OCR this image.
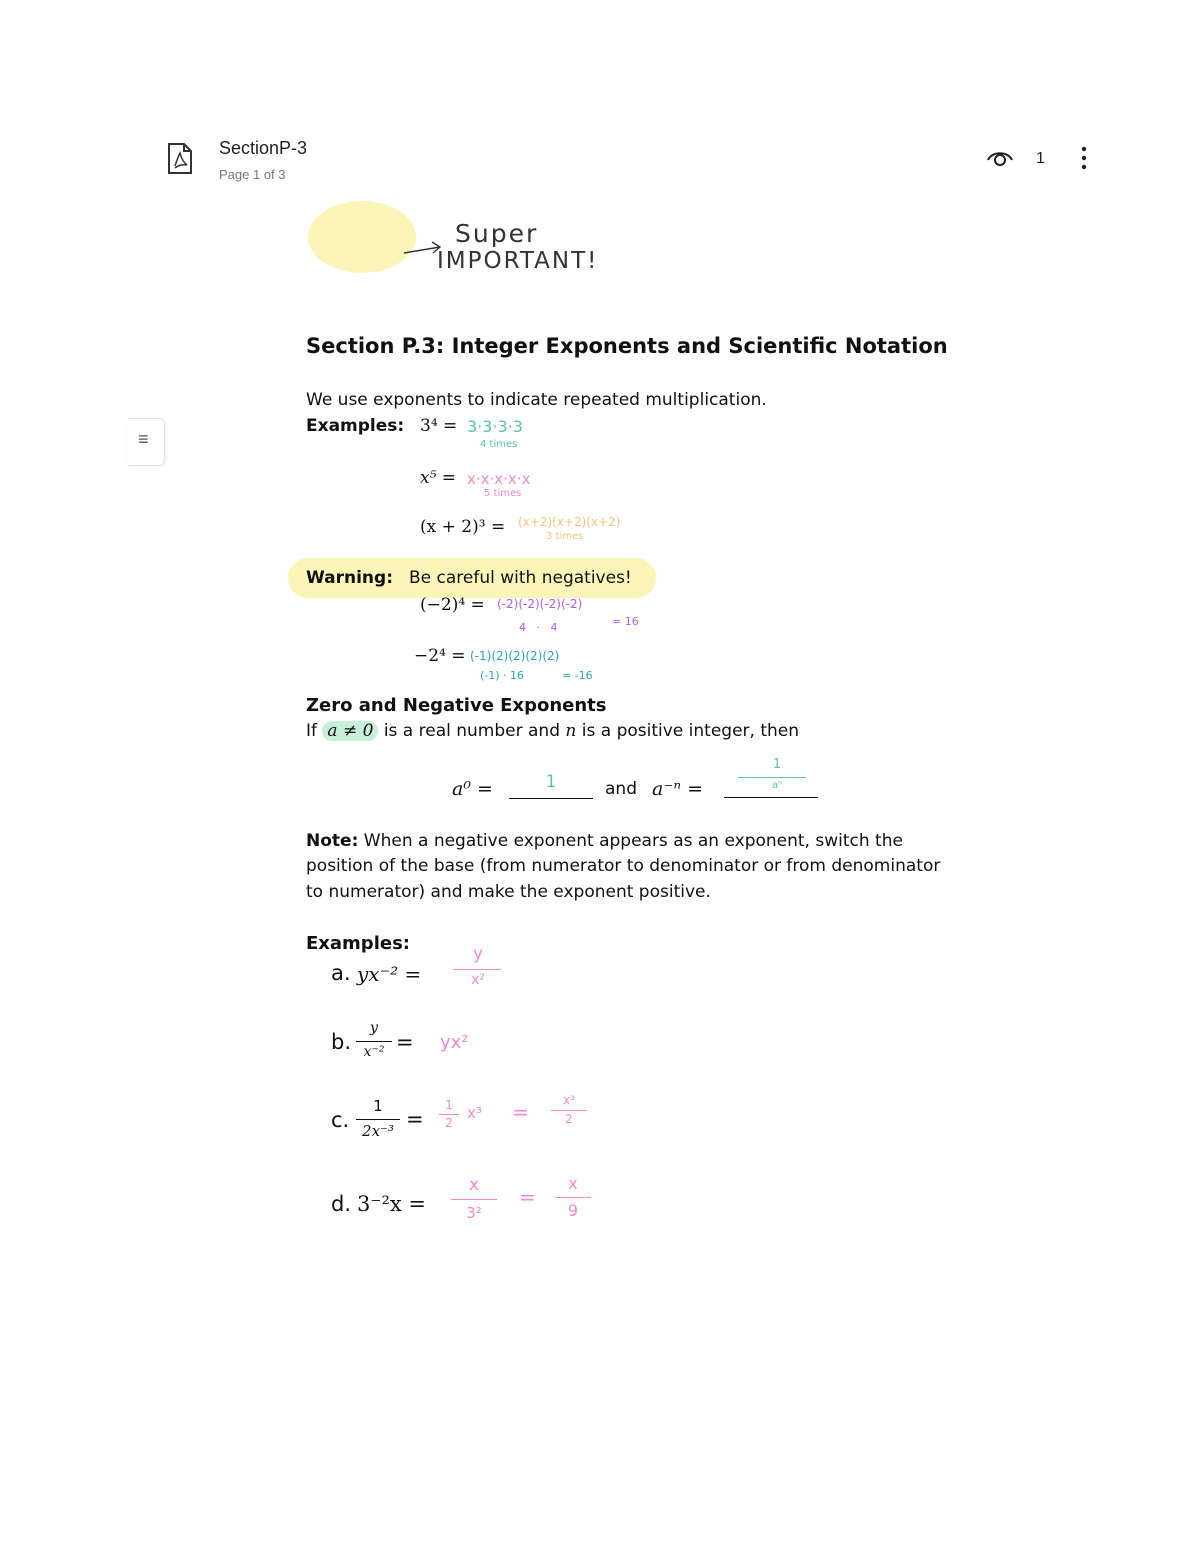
SectionP-3
Page 1 of 3
1
≡
Super
IMPORTANT!
Section P.3: Integer Exponents and Scientific Notation
We use exponents to indicate repeated multiplication.
Examples: 3⁴ = 3·3·3·3
4 times
x⁵ = x·x·x·x·x
5 times
(x + 2)³ = (x+2)(x+2)(x+2)
3 times
Warning: Be careful with negatives!
(−2)⁴ = (-2)(-2)(-2)(-2)
4   ·   4	= 16
−2⁴ = (-1)(2)(2)(2)(2)
(-1) · 16	= -16
Zero and Negative Exponents
If a ≠ 0 is a real number and n is a positive integer, then
a⁰ =	1	and a⁻ⁿ =
1
aⁿ
Note: When a negative exponent appears as an exponent, switch the
position of the base (from numerator to denominator or from denominator
to numerator) and make the exponent positive.
Examples:
a. yx⁻² =
y
x²
b.
y
x⁻² = yx²
c.
1
2x⁻³ =
1
2
x³ =	x³
2
d. 3⁻²x =
x
3²
=
x
9
